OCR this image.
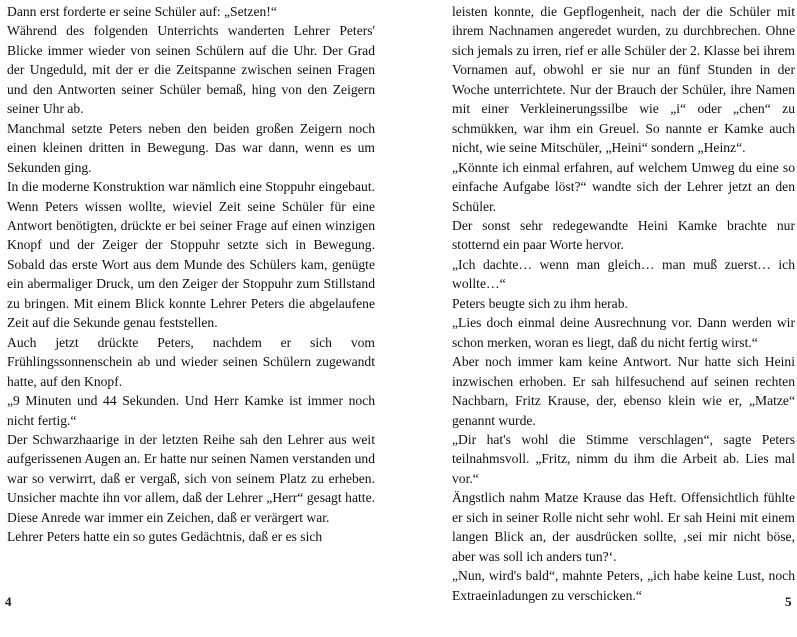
Dann erst forderte er seine Schüler auf: „Setzen!“

Während des folgenden Unterrichts wanderten Lehrer Peters' Blicke immer wieder von seinen Schülern auf die Uhr. Der Grad der Ungeduld, mit der er die Zeitspanne zwischen seinen Fragen und den Antworten seiner Schüler bemaß, hing von den Zeigern seiner Uhr ab.

Manchmal setzte Peters neben den beiden großen Zeigern noch einen kleinen dritten in Bewegung. Das war dann, wenn es um Sekunden ging.

In die moderne Konstruktion war nämlich eine Stoppuhr eingebaut. Wenn Peters wissen wollte, wieviel Zeit seine Schüler für eine Antwort benötigten, drückte er bei seiner Frage auf einen winzigen Knopf und der Zeiger der Stoppuhr setzte sich in Bewegung. Sobald das erste Wort aus dem Munde des Schülers kam, genügte ein abermaliger Druck, um den Zeiger der Stoppuhr zum Stillstand zu bringen. Mit einem Blick konnte Lehrer Peters die abgelaufene Zeit auf die Sekunde genau feststellen.

Auch jetzt drückte Peters, nachdem er sich vom Frühlingssonnenschein ab und wieder seinen Schülern zugewandt hatte, auf den Knopf.

„9 Minuten und 44 Sekunden. Und Herr Kamke ist immer noch nicht fertig.“

Der Schwarzhaarige in der letzten Reihe sah den Lehrer aus weit aufgerissenen Augen an. Er hatte nur seinen Namen verstanden und war so verwirrt, daß er vergaß, sich von seinem Platz zu erheben. Unsicher machte ihn vor allem, daß der Lehrer „Herr“ gesagt hatte. Diese Anrede war immer ein Zeichen, daß er verärgert war.

Lehrer Peters hatte ein so gutes Gedächtnis, daß er es sich

leisten konnte, die Gepflogenheit, nach der die Schüler mit ihrem Nachnamen angeredet wurden, zu durchbrechen. Ohne sich jemals zu irren, rief er alle Schüler der 2. Klasse bei ihrem Vornamen auf, obwohl er sie nur an fünf Stunden in der Woche unterrichtete. Nur der Brauch der Schüler, ihre Namen mit einer Verkleinerungssilbe wie „i“ oder „chen“ zu schmükken, war ihm ein Greuel. So nannte er Kamke auch nicht, wie seine Mitschüler, „Heini“ sondern „Heinz“.

„Könnte ich einmal erfahren, auf welchem Umweg du eine so einfache Aufgabe löst?“ wandte sich der Lehrer jetzt an den Schüler.

Der sonst sehr redegewandte Heini Kamke brachte nur stotternd ein paar Worte hervor.

„Ich dachte… wenn man gleich… man muß zuerst… ich wollte…“

Peters beugte sich zu ihm herab.

„Lies doch einmal deine Ausrechnung vor. Dann werden wir schon merken, woran es liegt, daß du nicht fertig wirst.“

Aber noch immer kam keine Antwort. Nur hatte sich Heini inzwischen erhoben. Er sah hilfesuchend auf seinen rechten Nachbarn, Fritz Krause, der, ebenso klein wie er, „Matze“ genannt wurde.

„Dir hat's wohl die Stimme verschlagen“, sagte Peters teilnahmsvoll. „Fritz, nimm du ihm die Arbeit ab. Lies mal vor.“

Ängstlich nahm Matze Krause das Heft. Offensichtlich fühlte er sich in seiner Rolle nicht sehr wohl. Er sah Heini mit einem langen Blick an, der ausdrücken sollte, ‚sei mir nicht böse, aber was soll ich anders tun?‘.

„Nun, wird's bald“, mahnte Peters, „ich habe keine Lust, noch Extraeinladungen zu verschicken.“

4	5
